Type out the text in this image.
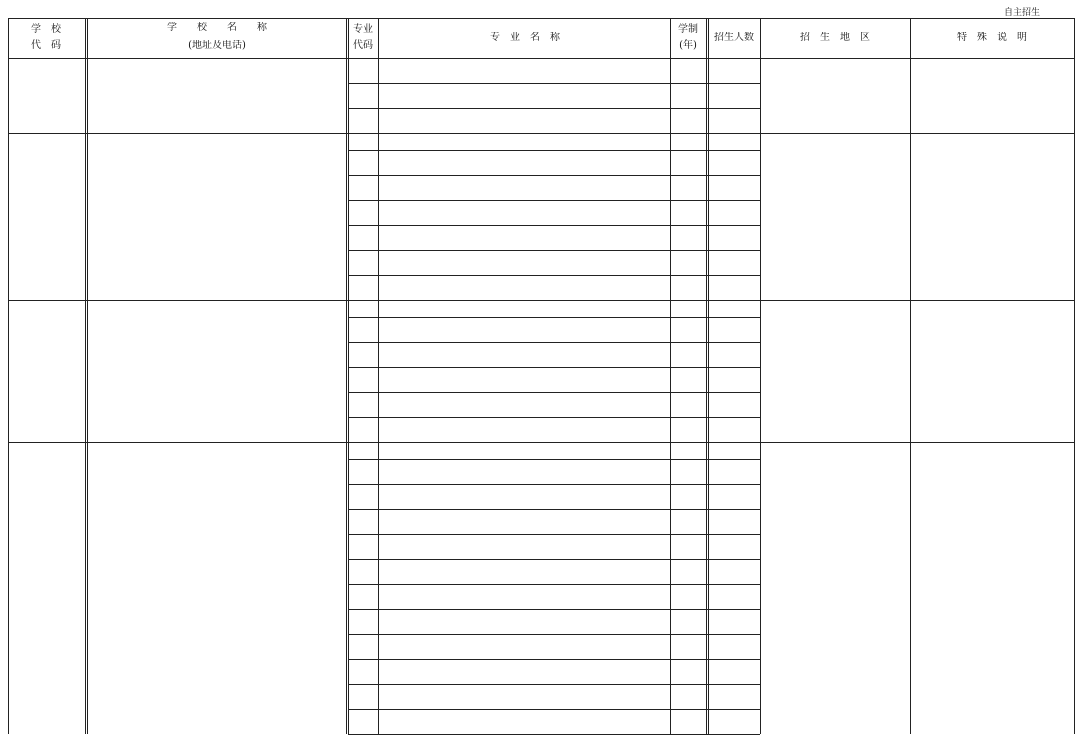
自主招生
学　校
代　码
学　　校　　名　　称
(地址及电话)
专业
代码
专　业　名　称
学制
(年)
招生人数	招　生　地　区	特　殊　说　明
